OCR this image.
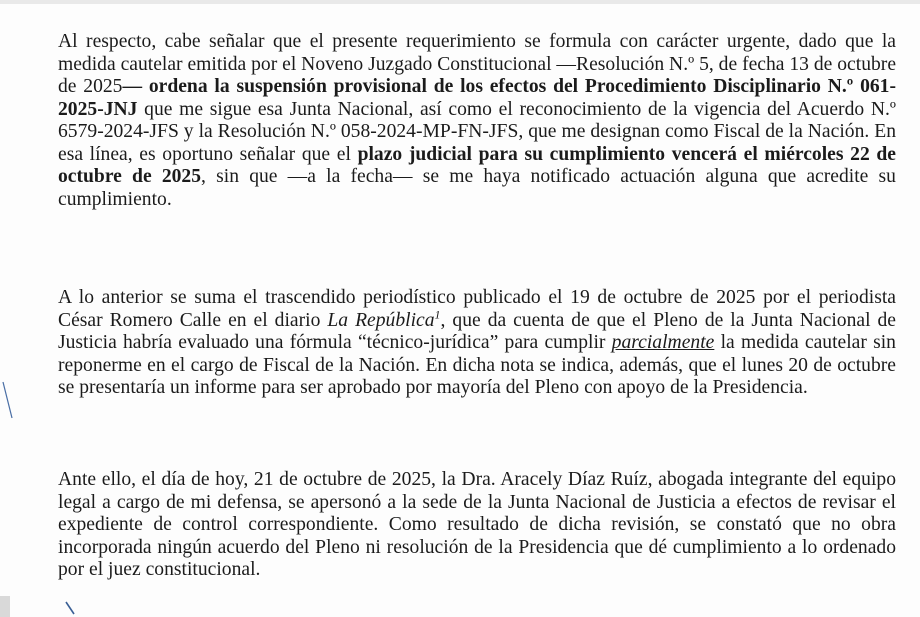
Al respecto, cabe señalar que el presente requerimiento se formula con carácter urgente, dado que la medida cautelar emitida por el Noveno Juzgado Constitucional —Resolución N.º 5, de fecha 13 de octubre de 2025— ordena la suspensión provisional de los efectos del Procedimiento Disciplinario N.º 061-2025-JNJ que me sigue esa Junta Nacional, así como el reconocimiento de la vigencia del Acuerdo N.º 6579-2024-JFS y la Resolución N.º 058-2024-MP-FN-JFS, que me designan como Fiscal de la Nación. En esa línea, es oportuno señalar que el plazo judicial para su cumplimiento vencerá el miércoles 22 de octubre de 2025, sin que —a la fecha— se me haya notificado actuación alguna que acredite su cumplimiento.

A lo anterior se suma el trascendido periodístico publicado el 19 de octubre de 2025 por el periodista César Romero Calle en el diario La República$^1$, que da cuenta de que el Pleno de la Junta Nacional de Justicia habría evaluado una fórmula “técnico-jurídica” para cumplir parcialmente la medida cautelar sin reponerme en el cargo de Fiscal de la Nación. En dicha nota se indica, además, que el lunes 20 de octubre se presentaría un informe para ser aprobado por mayoría del Pleno con apoyo de la Presidencia.

Ante ello, el día de hoy, 21 de octubre de 2025, la Dra. Aracely Díaz Ruíz, abogada integrante del equipo legal a cargo de mi defensa, se apersonó a la sede de la Junta Nacional de Justicia a efectos de revisar el expediente de control correspondiente. Como resultado de dicha revisión, se constató que no obra incorporada ningún acuerdo del Pleno ni resolución de la Presidencia que dé cumplimiento a lo ordenado por el juez constitucional.
